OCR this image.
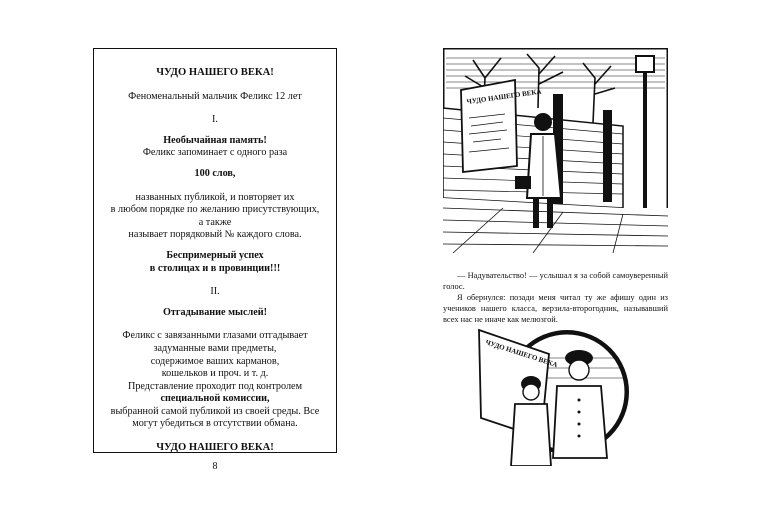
ЧУДО НАШЕГО ВЕКА!

Феноменальный мальчик Феликс 12 лет

I.

Необычайная память!

Феликс запоминает с одного раза

100 слов,

названных публикой, и повторяет их

в любом порядке по желанию присутствующих,

а также

называет порядковый № каждого слова.

Беспримерный успех

в столицах и в провинции!!!

II.

Отгадывание мыслей!

Феликс с завязанными глазами отгадывает

задуманные вами предметы,

содержимое ваших карманов,

кошельков и проч. и т. д.

Представление проходит под контролем

специальной комиссии,

выбранной самой публикой из своей среды. Все

могут убедиться в отсутствии обмана.

ЧУДО НАШЕГО ВЕКА!

8
ЧУДО НАШЕГО ВЕКА

— Надувательство! — услышал я за собой самоуверенный голос.

Я обернулся: позади меня читал ту же афишу один из учеников нашего класса, верзила-второгодник, называвший всех нас не иначе как мелюзгой.

ЧУДО НАШЕГО ВЕКА
